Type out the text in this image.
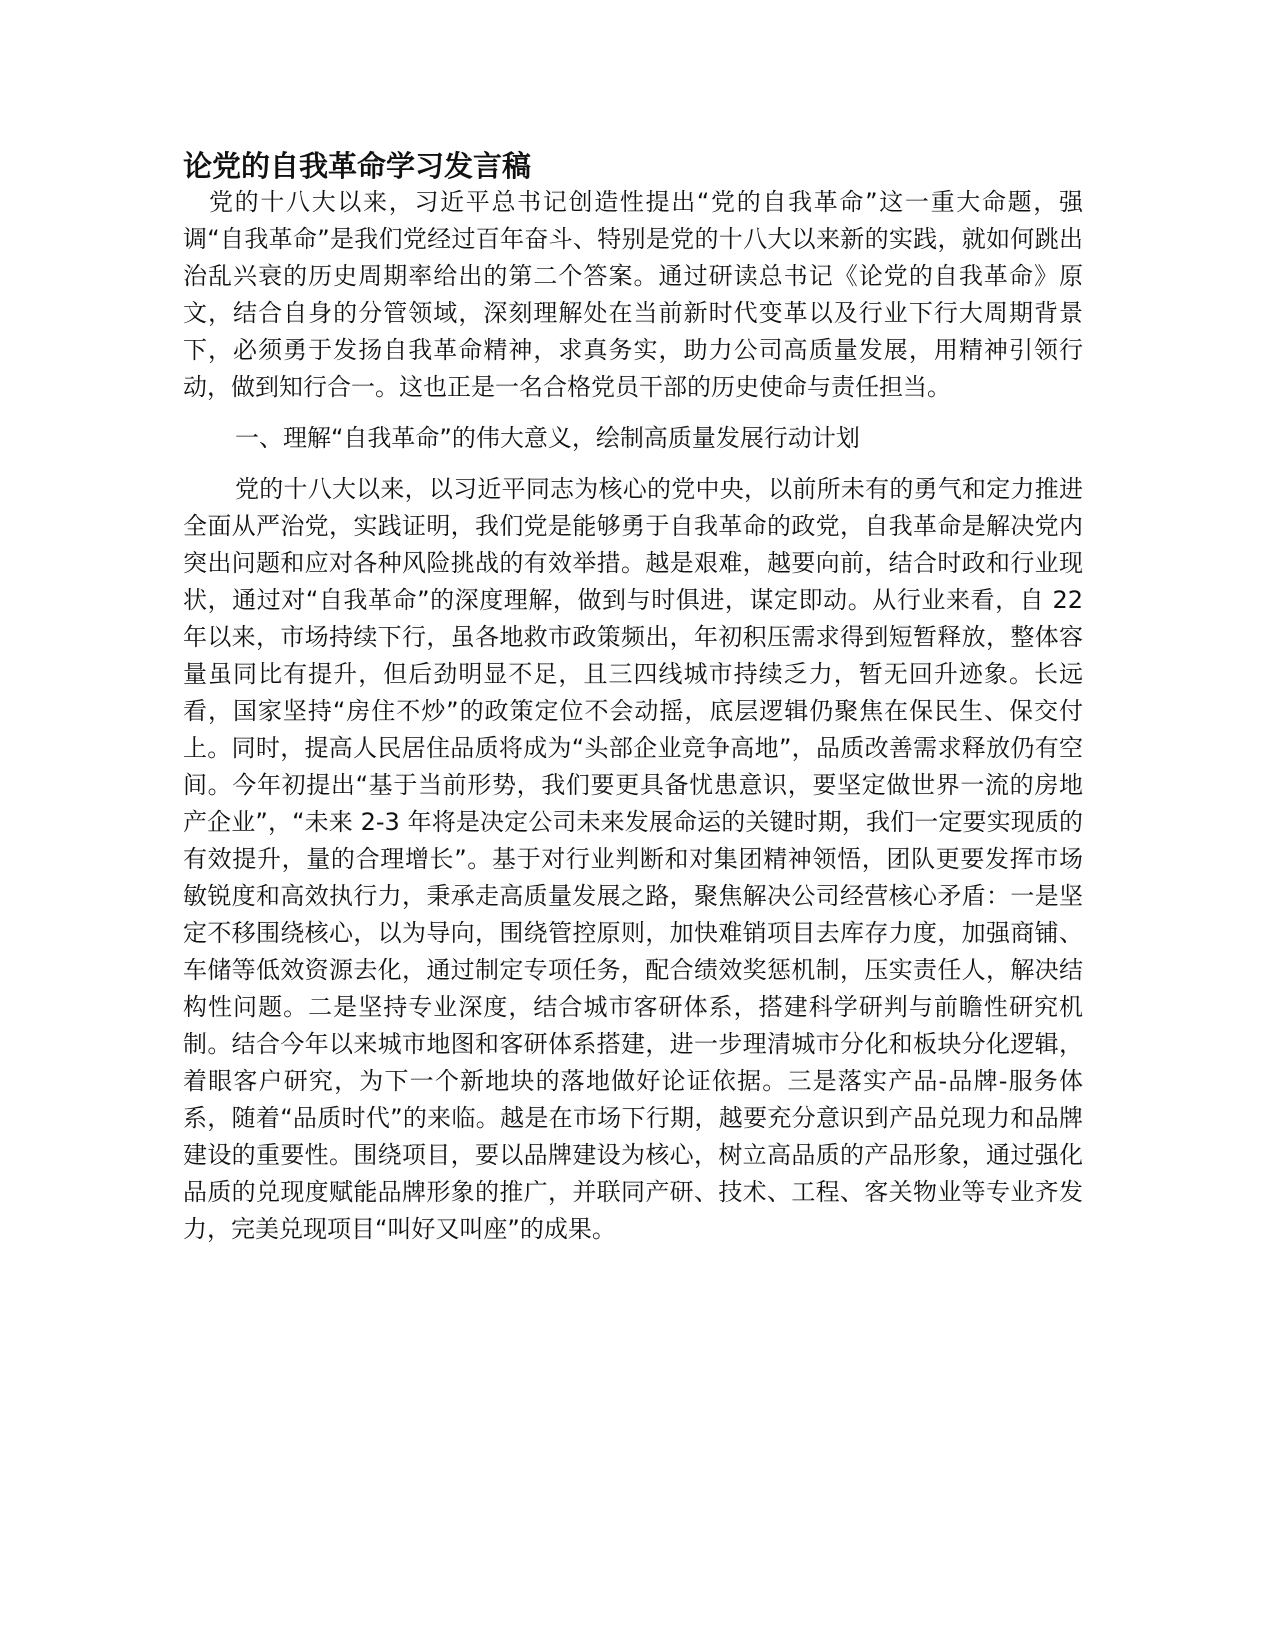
论党的自我革命学习发言稿

党的十八大以来，习近平总书记创造性提出“党的自我革命”这一重大命题，强调“自我革命”是我们党经过百年奋斗、特别是党的十八大以来新的实践，就如何跳出治乱兴衰的历史周期率给出的第二个答案。通过研读总书记《论党的自我革命》原文，结合自身的分管领域，深刻理解处在当前新时代变革以及行业下行大周期背景下，必须勇于发扬自我革命精神，求真务实，助力公司高质量发展，用精神引领行动，做到知行合一。这也正是一名合格党员干部的历史使命与责任担当。

一、理解“自我革命”的伟大意义，绘制高质量发展行动计划

党的十八大以来，以习近平同志为核心的党中央，以前所未有的勇气和定力推进全面从严治党，实践证明，我们党是能够勇于自我革命的政党，自我革命是解决党内突出问题和应对各种风险挑战的有效举措。越是艰难，越要向前，结合时政和行业现状，通过对“自我革命”的深度理解，做到与时俱进，谋定即动。从行业来看，自 22 年以来，市场持续下行，虽各地救市政策频出，年初积压需求得到短暂释放，整体容量虽同比有提升，但后劲明显不足，且三四线城市持续乏力，暂无回升迹象。长远看，国家坚持“房住不炒”的政策定位不会动摇，底层逻辑仍聚焦在保民生、保交付上。同时，提高人民居住品质将成为“头部企业竞争高地”，品质改善需求释放仍有空间。今年初提出“基于当前形势，我们要更具备忧患意识，要坚定做世界一流的房地产企业”，“未来 2-3 年将是决定公司未来发展命运的关键时期，我们一定要实现质的有效提升，量的合理增长”。基于对行业判断和对集团精神领悟，团队更要发挥市场敏锐度和高效执行力，秉承走高质量发展之路，聚焦解决公司经营核心矛盾：一是坚定不移围绕核心，以为导向，围绕管控原则，加快难销项目去库存力度，加强商铺、车储等低效资源去化，通过制定专项任务，配合绩效奖惩机制，压实责任人，解决结构性问题。二是坚持专业深度，结合城市客研体系，搭建科学研判与前瞻性研究机制。结合今年以来城市地图和客研体系搭建，进一步理清城市分化和板块分化逻辑，着眼客户研究，为下一个新地块的落地做好论证依据。三是落实产品-品牌-服务体系，随着“品质时代”的来临。越是在市场下行期，越要充分意识到产品兑现力和品牌建设的重要性。围绕项目，要以品牌建设为核心，树立高品质的产品形象，通过强化品质的兑现度赋能品牌形象的推广，并联同产研、技术、工程、客关物业等专业齐发力，完美兑现项目“叫好又叫座”的成果。
